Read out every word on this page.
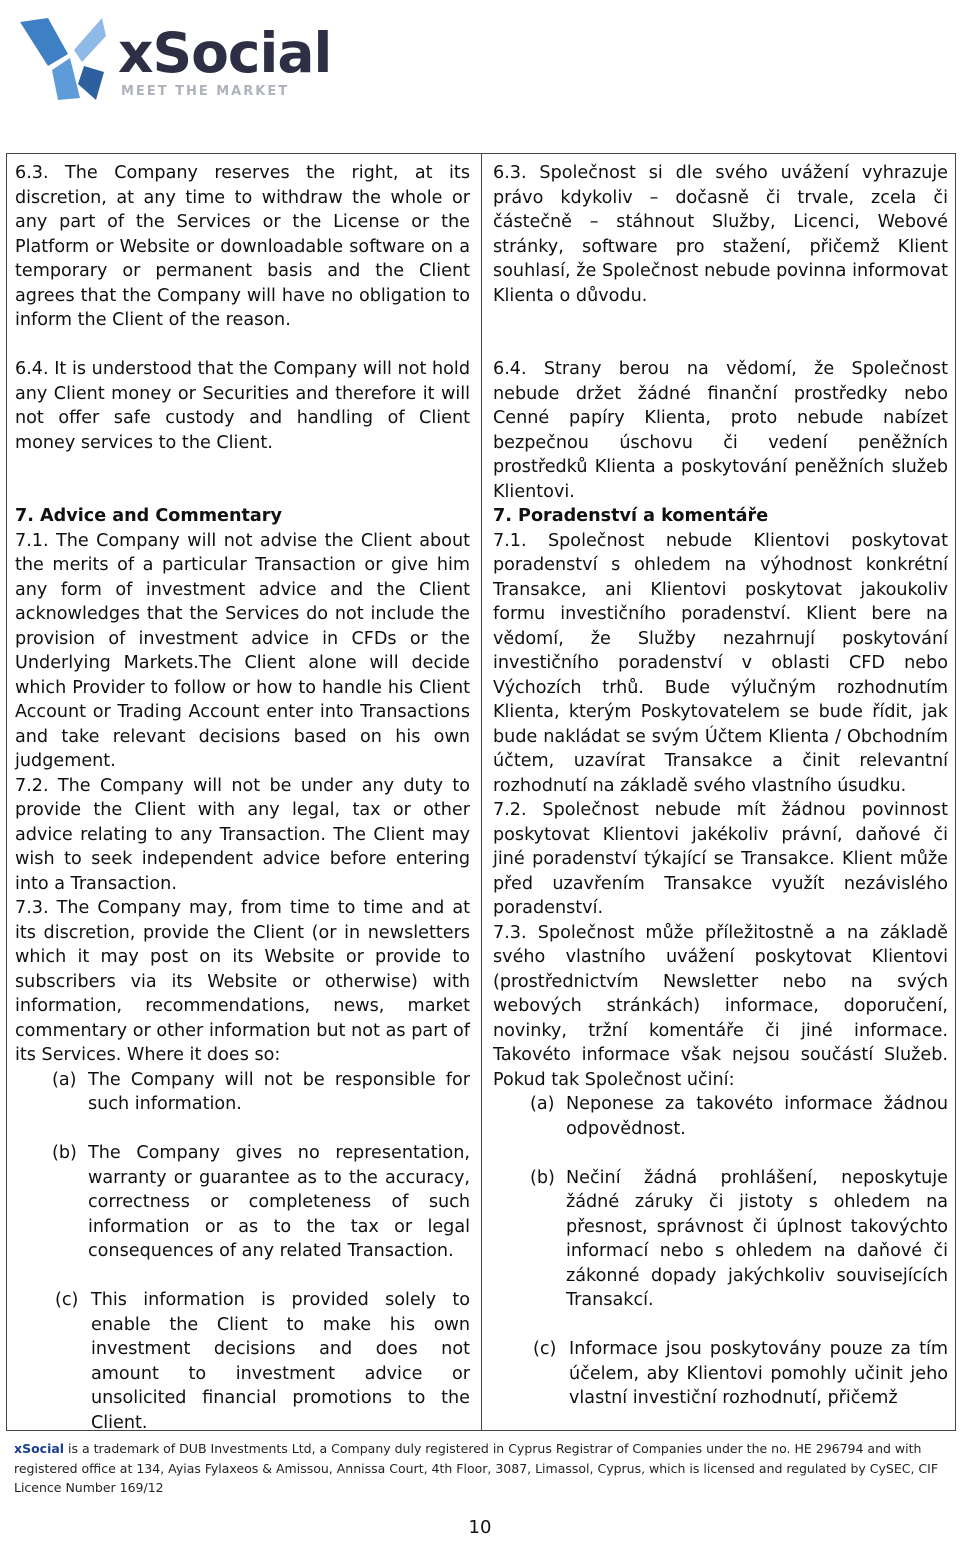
xSocial
MEET THE MARKET

6.3. The Company reserves the right, at its discretion, at any time to withdraw the whole or any part of the Services or the License or the Platform or Website or downloadable software on a temporary or permanent basis and the Client agrees that the Company will have no obligation to inform the Client of the reason.

6.4. It is understood that the Company will not hold any Client money or Securities and therefore it will not offer safe custody and handling of Client money services to the Client.

7. Advice and Commentary

7.1. The Company will not advise the Client about the merits of a particular Transaction or give him any form of investment advice and the Client acknowledges that the Services do not include the provision of investment advice in CFDs or the Underlying Markets.The Client alone will decide which Provider to follow or how to handle his Client Account or Trading Account enter into Transactions and take relevant decisions based on his own judgement.

7.2. The Company will not be under any duty to provide the Client with any legal, tax or other advice relating to any Transaction. The Client may wish to seek independent advice before entering into a Transaction.

7.3. The Company may, from time to time and at its discretion, provide the Client (or in newsletters which it may post on its Website or provide to subscribers via its Website or otherwise) with information, recommendations, news, market commentary or other information but not as part of its Services. Where it does so:

(a) The Company will not be responsible for such information.
(b) The Company gives no representation, warranty or guarantee as to the accuracy, correctness or completeness of such information or as to the tax or legal consequences of any related Transaction.
(c) This information is provided solely to enable the Client to make his own investment decisions and does not amount to investment advice or unsolicited financial promotions to the Client.

6.3. Společnost si dle svého uvážení vyhrazuje právo kdykoliv – dočasně či trvale, zcela či částečně – stáhnout Služby, Licenci, Webové stránky, software pro stažení, přičemž Klient souhlasí, že Společnost nebude povinna informovat Klienta o důvodu.

6.4. Strany berou na vědomí, že Společnost nebude držet žádné finanční prostředky nebo Cenné papíry Klienta, proto nebude nabízet bezpečnou úschovu či vedení peněžních prostředků Klienta a poskytování peněžních služeb Klientovi.

7. Poradenství a komentáře

7.1. Společnost nebude Klientovi poskytovat poradenství s ohledem na výhodnost konkrétní Transakce, ani Klientovi poskytovat jakoukoliv formu investičního poradenství. Klient bere na vědomí, že Služby nezahrnují poskytování investičního poradenství v oblasti CFD nebo Výchozích trhů. Bude výlučným rozhodnutím Klienta, kterým Poskytovatelem se bude řídit, jak bude nakládat se svým Účtem Klienta / Obchodním účtem, uzavírat Transakce a činit relevantní rozhodnutí na základě svého vlastního úsudku.

7.2. Společnost nebude mít žádnou povinnost poskytovat Klientovi jakékoliv právní, daňové či jiné poradenství týkající se Transakce. Klient může před uzavřením Transakce využít nezávislého poradenství.

7.3. Společnost může příležitostně a na základě svého vlastního uvážení poskytovat Klientovi (prostřednictvím Newsletter nebo na svých webových stránkách) informace, doporučení, novinky, tržní komentáře či jiné informace. Takovéto informace však nejsou součástí Služeb. Pokud tak Společnost učiní:

(a) Neponese za takovéto informace žádnou odpovědnost.
(b) Nečiní žádná prohlášení, neposkytuje žádné záruky či jistoty s ohledem na přesnost, správnost či úplnost takovýchto informací nebo s ohledem na daňové či zákonné dopady jakýchkoliv souvisejících Transakcí.
(c) Informace jsou poskytovány pouze za tím účelem, aby Klientovi pomohly učinit jeho vlastní investiční rozhodnutí, přičemž
xSocial is a trademark of DUB Investments Ltd, a Company duly registered in Cyprus Registrar of Companies under the no. HE 296794 and with registered office at 134, Ayias Fylaxeos & Amissou, Annissa Court, 4th Floor, 3087, Limassol, Cyprus, which is licensed and regulated by CySEC, CIF Licence Number 169/12
10
